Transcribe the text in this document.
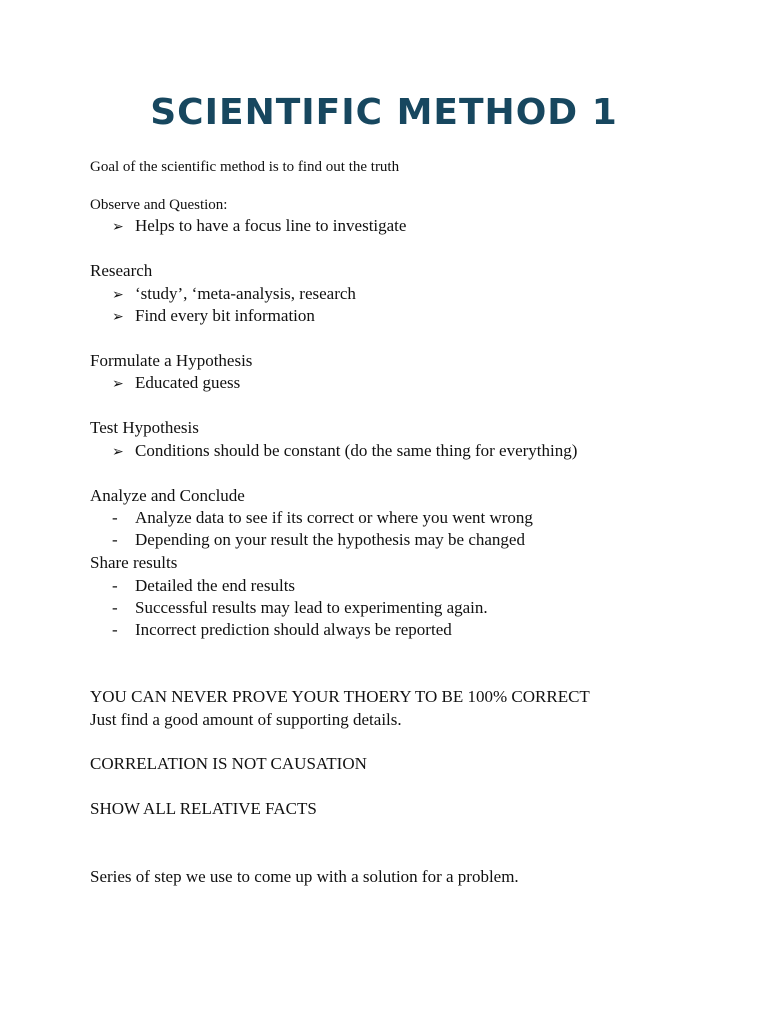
SCIENTIFIC METHOD 1
Goal of the scientific method is to find out the truth
Observe and Question:
➢ Helps to have a focus line to investigate
Research
➢ ‘study’, ‘meta-analysis, research
➢ Find every bit information
Formulate a Hypothesis
➢ Educated guess
Test Hypothesis
➢ Conditions should be constant (do the same thing for everything)
Analyze and Conclude
- Analyze data to see if its correct or where you went wrong
- Depending on your result the hypothesis may be changed
Share results
- Detailed the end results
- Successful results may lead to experimenting again.
- Incorrect prediction should always be reported
YOU CAN NEVER PROVE YOUR THOERY TO BE 100% CORRECT
Just find a good amount of supporting details.
CORRELATION IS NOT CAUSATION
SHOW ALL RELATIVE FACTS
Series of step we use to come up with a solution for a problem.
